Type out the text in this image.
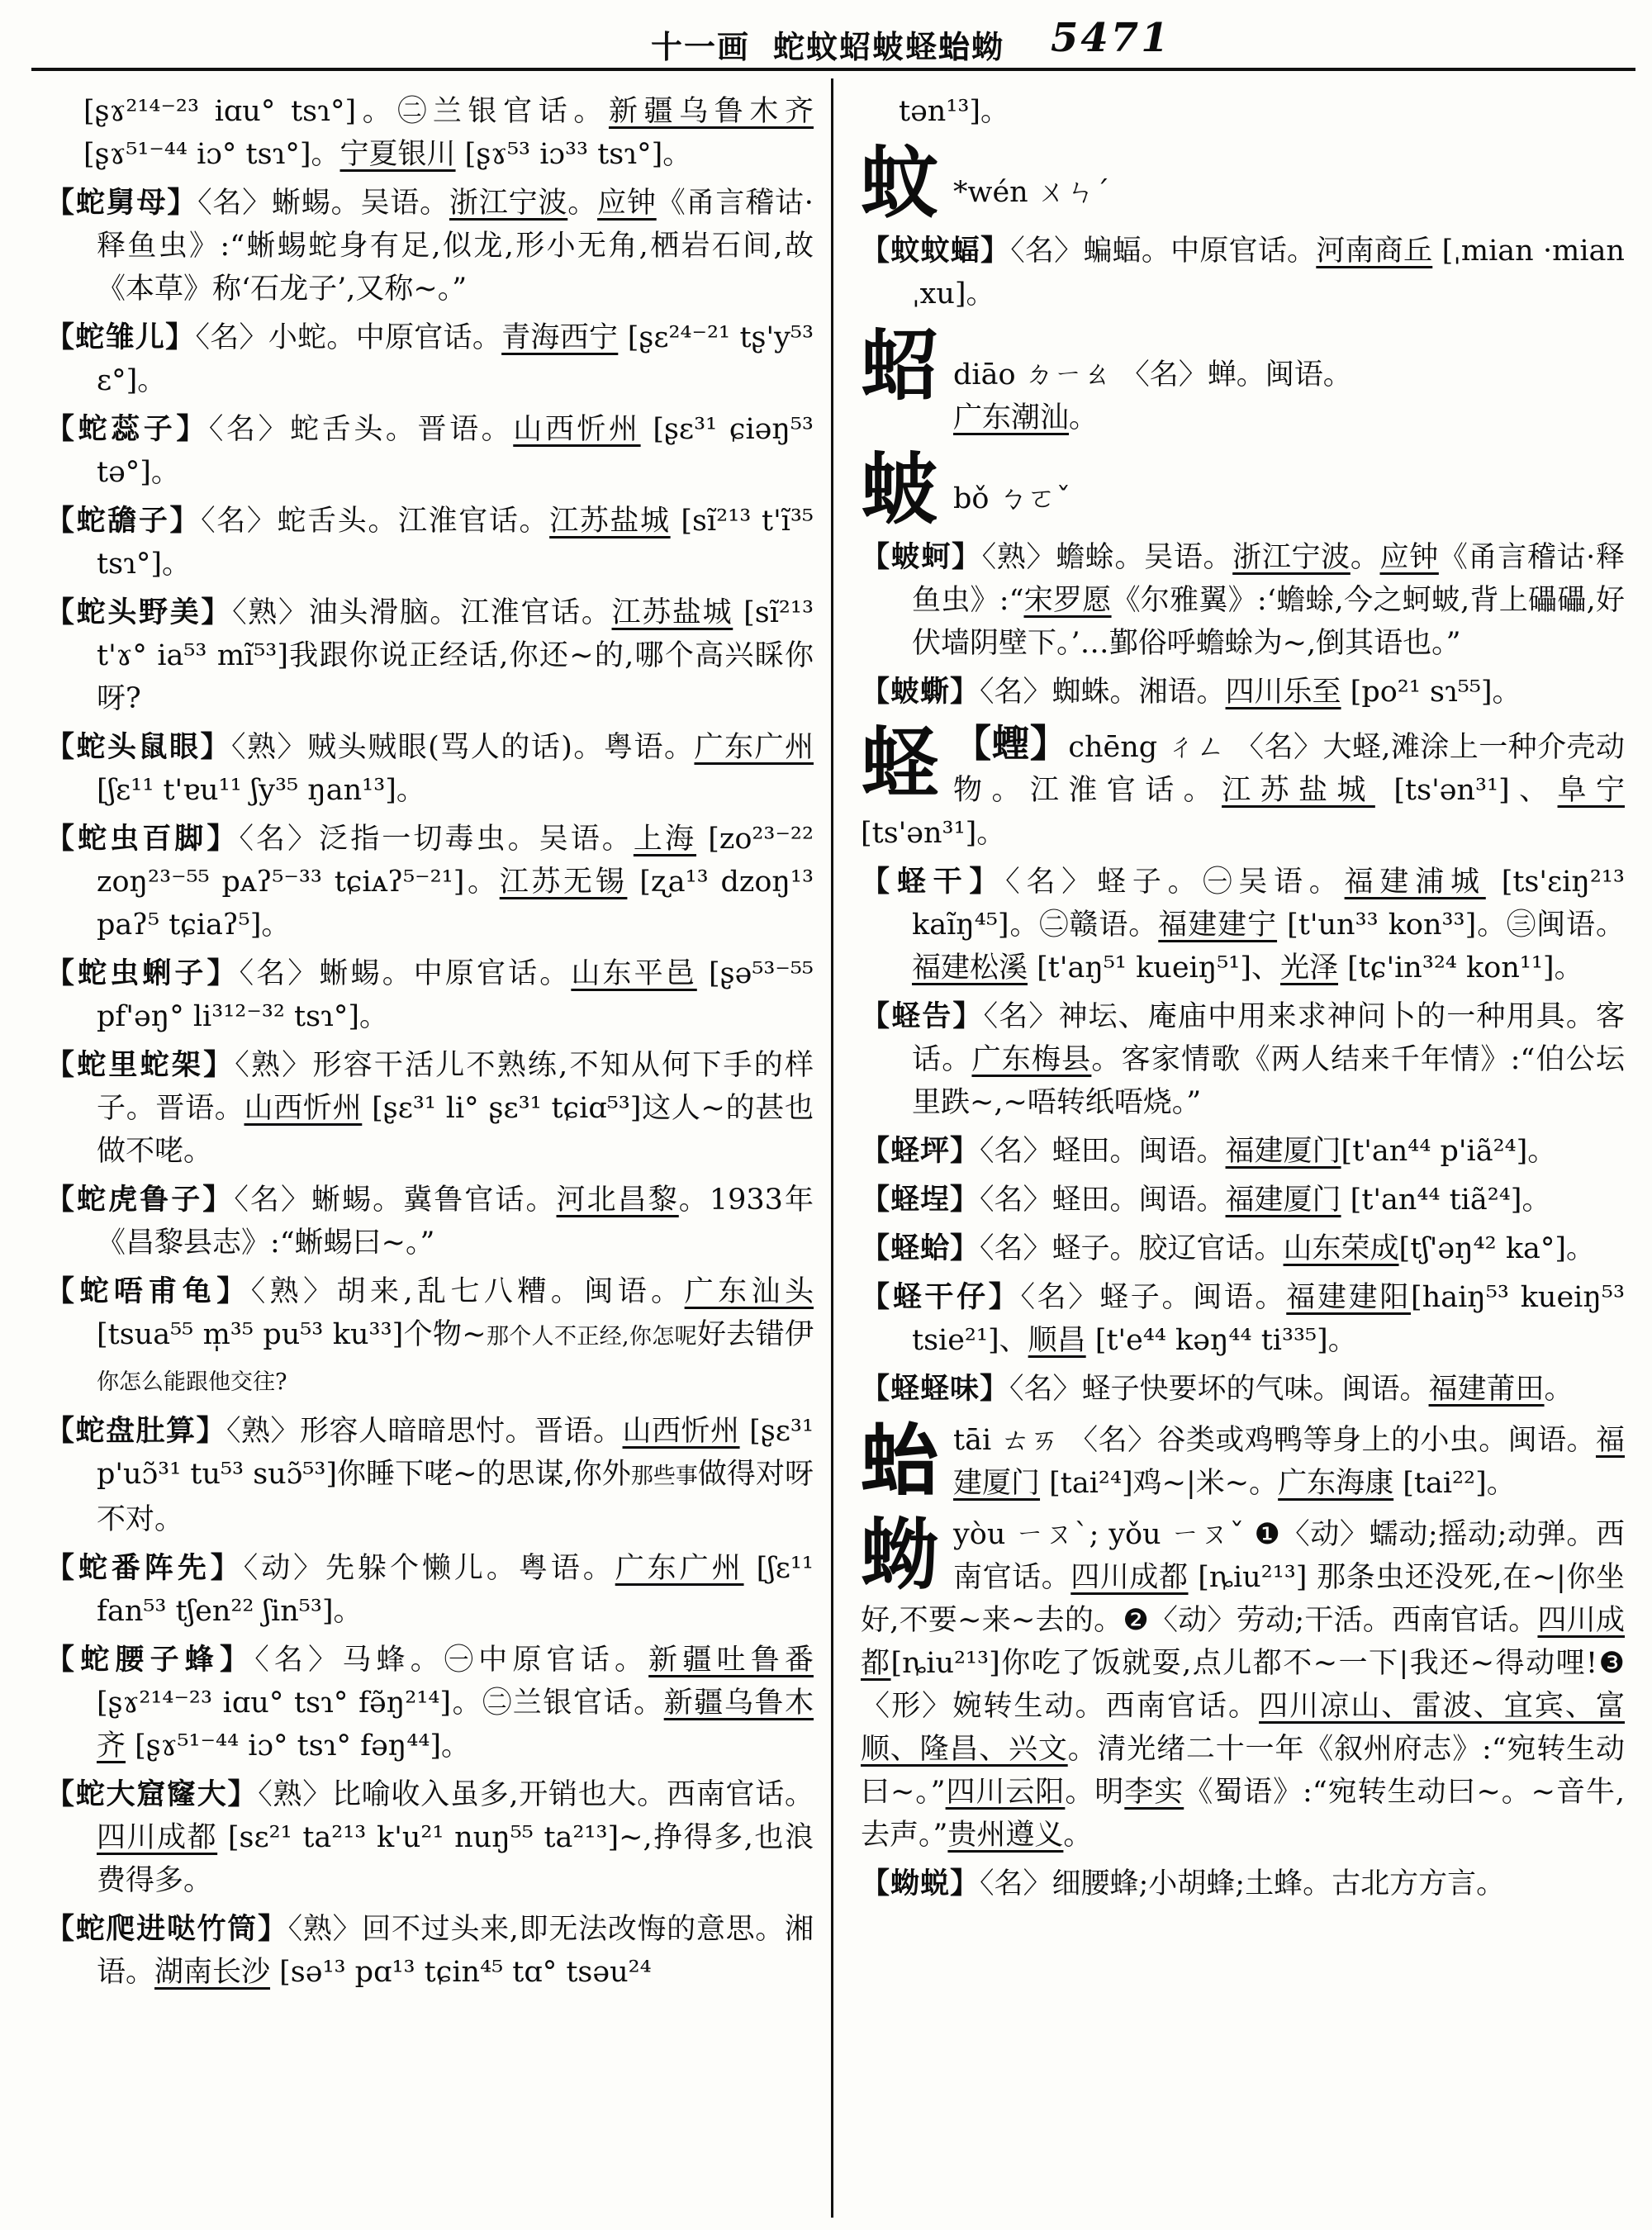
十一画 蛇蚊蛁蚾蛏𧉟蚴 5471

[ʂɤ²¹⁴⁻²³ iɑu° tsɿ°]。㊁兰银官话。新疆乌鲁木齐 [ʂɤ⁵¹⁻⁴⁴ iɔ° tsɿ°]。宁夏银川 [ʂɤ⁵³ iɔ³³ tsɿ°]。

【蛇舅母】〈名〉蜥蜴。吴语。浙江宁波。应钟《甬言稽诂·释鱼虫》:“蜥蜴蛇身有足,似龙,形小无角,栖岩石间,故《本草》称‘石龙子’,又称~。”

【蛇雏儿】〈名〉小蛇。中原官话。青海西宁 [ʂɛ²⁴⁻²¹ tʂ'y⁵³ ɛ°]。

【蛇蕊子】〈名〉蛇舌头。晋语。山西忻州 [ʂɛ³¹ ɕiəŋ⁵³ tə°]。

【蛇舚子】〈名〉蛇舌头。江淮官话。江苏盐城 [sĩ²¹³ t'ĩ³⁵ tsɿ°]。

【蛇头野美】〈熟〉油头滑脑。江淮官话。江苏盐城 [sĩ²¹³ t'ɤ° ia⁵³ mĩ⁵³]我跟你说正经话,你还~的,哪个高兴睬你呀?

【蛇头鼠眼】〈熟〉贼头贼眼(骂人的话)。粤语。广东广州 [ʃɛ¹¹ t'ɐu¹¹ ʃy³⁵ ŋan¹³]。

【蛇虫百脚】〈名〉泛指一切毒虫。吴语。上海 [zo²³⁻²² zoŋ²³⁻⁵⁵ pᴀʔ⁵⁻³³ tɕiᴀʔ⁵⁻²¹]。江苏无锡 [ʐa¹³ dzoŋ¹³ paʔ⁵ tɕiaʔ⁵]。

【蛇虫蜊子】〈名〉蜥蜴。中原官话。山东平邑 [ʂə⁵³⁻⁵⁵ pf'əŋ° li³¹²⁻³² tsɿ°]。

【蛇里蛇架】〈熟〉形容干活儿不熟练,不知从何下手的样子。晋语。山西忻州 [ʂɛ³¹ li° ʂɛ³¹ tɕiɑ⁵³]这人~的甚也做不咾。

【蛇虎鲁子】〈名〉蜥蜴。冀鲁官话。河北昌黎。1933年《昌黎县志》:“蜥蜴曰~。”

【蛇唔甫龟】〈熟〉胡来,乱七八糟。闽语。广东汕头 [tsua⁵⁵ m̩³⁵ pu⁵³ ku³³]个物~那个人不正经,你怎呢好去错伊你怎么能跟他交往?

【蛇盘肚算】〈熟〉形容人暗暗思忖。晋语。山西忻州 [ʂɛ³¹ p'uɔ̃³¹ tu⁵³ suɔ̃⁵³]你睡下咾~的思谋,你外那些事做得对呀不对。

【蛇番阵先】〈动〉先躲个懒儿。粤语。广东广州 [ʃɛ¹¹ fan⁵³ tʃen²² ʃin⁵³]。

【蛇腰子蜂】〈名〉马蜂。㊀中原官话。新疆吐鲁番 [ʂɤ²¹⁴⁻²³ iɑu° tsɿ° fə̃ŋ²¹⁴]。㊁兰银官话。新疆乌鲁木齐 [ʂɤ⁵¹⁻⁴⁴ iɔ° tsɿ° fəŋ⁴⁴]。

【蛇大窟窿大】〈熟〉比喻收入虽多,开销也大。西南官话。四川成都 [sɛ²¹ ta²¹³ k'u²¹ nuŋ⁵⁵ ta²¹³]~,挣得多,也浪费得多。

【蛇爬进哒竹筒】〈熟〉回不过头来,即无法改悔的意思。湘语。湖南长沙 [sə¹³ pɑ¹³ tɕin⁴⁵ tɑ° tsəu²⁴

tən¹³]。

蚊 *wén ㄨㄣˊ

【蚊蚊蝠】〈名〉蝙蝠。中原官话。河南商丘 [ˌmian ·mian ˌxu]。

蛁 diāo ㄉㄧㄠ 〈名〉蝉。闽语。
广东潮汕。

蚾 bǒ ㄅㄛˇ

【蚾蚵】〈熟〉蟾蜍。吴语。浙江宁波。应钟《甬言稽诂·释鱼虫》:“宋罗愿《尔雅翼》:‘蟾蜍,今之蚵蚾,背上礧礧,好伏墙阴壁下。’…鄞俗呼蟾蜍为~,倒其语也。”

【蚾蟖】〈名〉蜘蛛。湘语。四川乐至 [po²¹ sɿ⁵⁵]。

蛏 【蟶】chēng ㄔㄥ 〈名〉大蛏,滩涂上一种介壳动物。江淮官话。江苏盐城 [ts'ən³¹]、阜宁[ts'ən³¹]。

【蛏干】〈名〉蛏子。㊀吴语。福建浦城 [ts'ɛiŋ²¹³ kaĩŋ⁴⁵]。㊁赣语。福建建宁 [t'un³³ kon³³]。㊂闽语。福建松溪 [t'aŋ⁵¹ kueiŋ⁵¹]、光泽 [tɕ'in³²⁴ kon¹¹]。

【蛏告】〈名〉神坛、庵庙中用来求神问卜的一种用具。客话。广东梅县。客家情歌《两人结来千年情》:“伯公坛里跌~,~唔转纸唔烧。”

【蛏坪】〈名〉蛏田。闽语。福建厦门[t'an⁴⁴ p'iã²⁴]。

【蛏埕】〈名〉蛏田。闽语。福建厦门 [t'an⁴⁴ tiã²⁴]。

【蛏蛤】〈名〉蛏子。胶辽官话。山东荣成[tʃ'əŋ⁴² ka°]。

【蛏干仔】〈名〉蛏子。闽语。福建建阳[haiŋ⁵³ kueiŋ⁵³ tsie²¹]、顺昌 [t'e⁴⁴ kəŋ⁴⁴ ti³³⁵]。

【蛏蛏味】〈名〉蛏子快要坏的气味。闽语。福建莆田。

𧉟tāi ㄊㄞ 〈名〉谷类或鸡鸭等身上的小虫。闽语。福建厦门 [tai²⁴]鸡~|米~。广东海康 [tai²²]。

蚴yòu ㄧㄡˋ; yǒu ㄧㄡˇ ❶〈动〉蠕动;摇动;动弹。西南官话。四川成都 [ȵiu²¹³] 那条虫还没死,在~|你坐好,不要~来~去的。❷〈动〉劳动;干活。西南官话。四川成都[ȵiu²¹³]你吃了饭就耍,点儿都不~一下|我还~得动哩!❸〈形〉婉转生动。西南官话。四川凉山、雷波、宜宾、富顺、隆昌、兴文。清光绪二十一年《叙州府志》:“宛转生动曰~。”四川云阳。明李实《蜀语》:“宛转生动曰~。~音牛,去声。”贵州遵义。

【蚴蜕】〈名〉细腰蜂;小胡蜂;土蜂。古北方方言。
